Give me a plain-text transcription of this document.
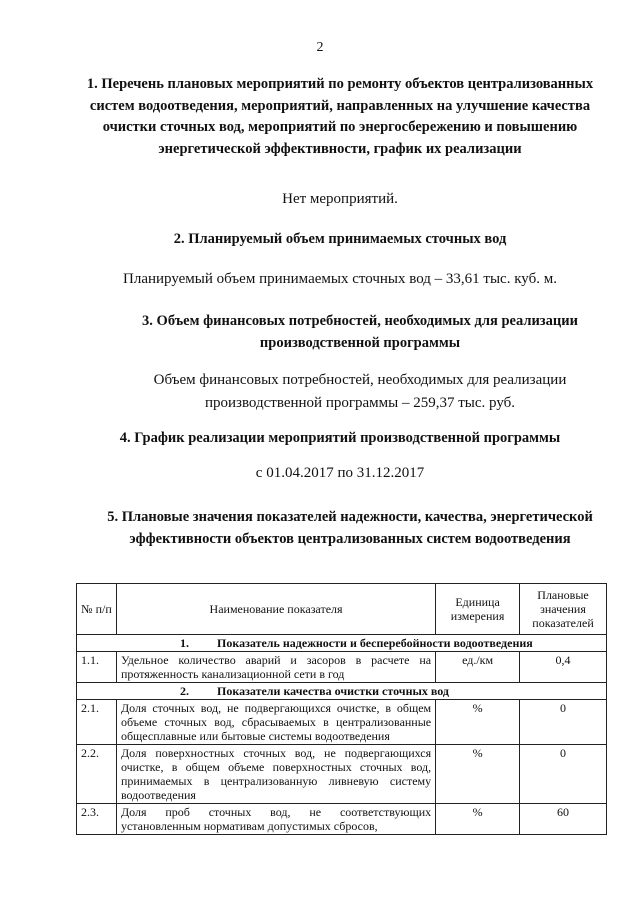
2
1. Перечень плановых мероприятий по ремонту объектов централизованных систем водоотведения, мероприятий, направленных на улучшение качества очистки сточных вод, мероприятий по энергосбережению и повышению энергетической эффективности, график их реализации
Нет мероприятий.
2. Планируемый объем принимаемых сточных вод
Планируемый объем принимаемых сточных вод – 33,61 тыс. куб. м.
3. Объем финансовых потребностей, необходимых для реализации
производственной программы
Объем финансовых потребностей, необходимых для реализации
производственной программы – 259,37 тыс. руб.
4. График реализации мероприятий производственной программы
с 01.04.2017 по 31.12.2017
5. Плановые значения показателей надежности, качества, энергетической эффективности объектов централизованных систем водоотведения
№ п/п	Наименование показателя	Единица измерения	Плановые значения показателей
1. Показатель надежности и бесперебойности водоотведения			
1.1.	Удельное количество аварий и засоров в расчете на протяженность канализационной сети в год	ед./км	0,4
2. Показатели качества очистки сточных вод			
2.1.	Доля сточных вод, не подвергающихся очистке, в общем объеме сточных вод, сбрасываемых в централизованные общесплавные или бытовые системы водоотведения	%	0
2.2.	Доля поверхностных сточных вод, не подвергающихся очистке, в общем объеме поверхностных сточных вод, принимаемых в централизованную ливневую систему водоотведения	%	0
2.3.	Доля проб сточных вод, не соответствующих установленным нормативам допустимых сбросов,	%	60
